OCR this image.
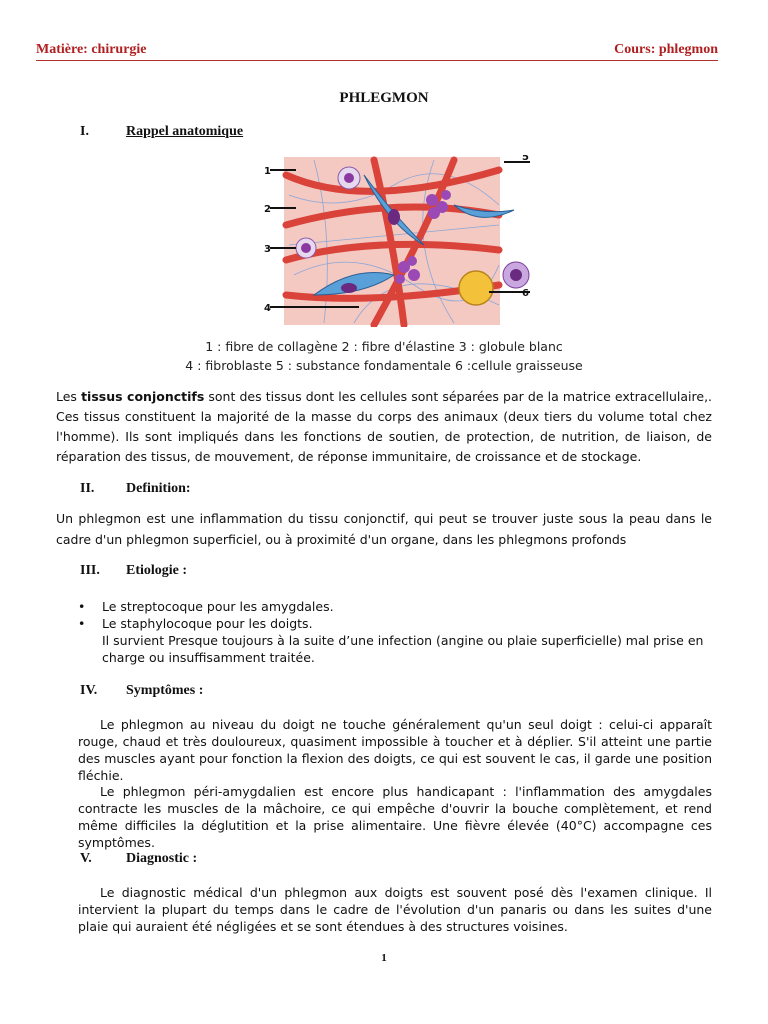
Matière: chirurgie	Cours: phlegmon
PHLEGMON
I.	Rappel anatomique
1
2
3
4
5
6
1 : fibre de collagène 2 : fibre d'élastine 3 : globule blanc
4 : fibroblaste 5 : substance fondamentale 6 :cellule graisseuse

Les tissus conjonctifs sont des tissus dont les cellules sont séparées par de la matrice extracellulaire,. Ces tissus constituent la majorité de la masse du corps des animaux (deux tiers du volume total chez l'homme). Ils sont impliqués dans les fonctions de soutien, de protection, de nutrition, de liaison, de réparation des tissus, de mouvement, de réponse immunitaire, de croissance et de stockage.

II. Definition:

Un phlegmon est une inflammation du tissu conjonctif, qui peut se trouver juste sous la peau dans le cadre d'un phlegmon superficiel, ou à proximité d'un organe, dans les phlegmons profonds

III. Etiologie :
• Le streptocoque pour les amygdales.
• Le staphylocoque pour les doigts.
Il survient Presque toujours à la suite d’une infection (angine ou plaie superficielle) mal prise en charge ou insuffisamment traitée.
IV. Symptômes :

Le phlegmon au niveau du doigt ne touche généralement qu'un seul doigt : celui-ci apparaît rouge, chaud et très douloureux, quasiment impossible à toucher et à déplier. S'il atteint une partie des muscles ayant pour fonction la flexion des doigts, ce qui est souvent le cas, il garde une position fléchie.

Le phlegmon péri-amygdalien est encore plus handicapant : l'inflammation des amygdales contracte les muscles de la mâchoire, ce qui empêche d'ouvrir la bouche complètement, et rend même difficiles la déglutition et la prise alimentaire. Une fièvre élevée (40°C) accompagne ces symptômes.

V. Diagnostic :

Le diagnostic médical d'un phlegmon aux doigts est souvent posé dès l'examen clinique. Il intervient la plupart du temps dans le cadre de l'évolution d'un panaris ou dans les suites d'une plaie qui auraient été négligées et se sont étendues à des structures voisines.

1
